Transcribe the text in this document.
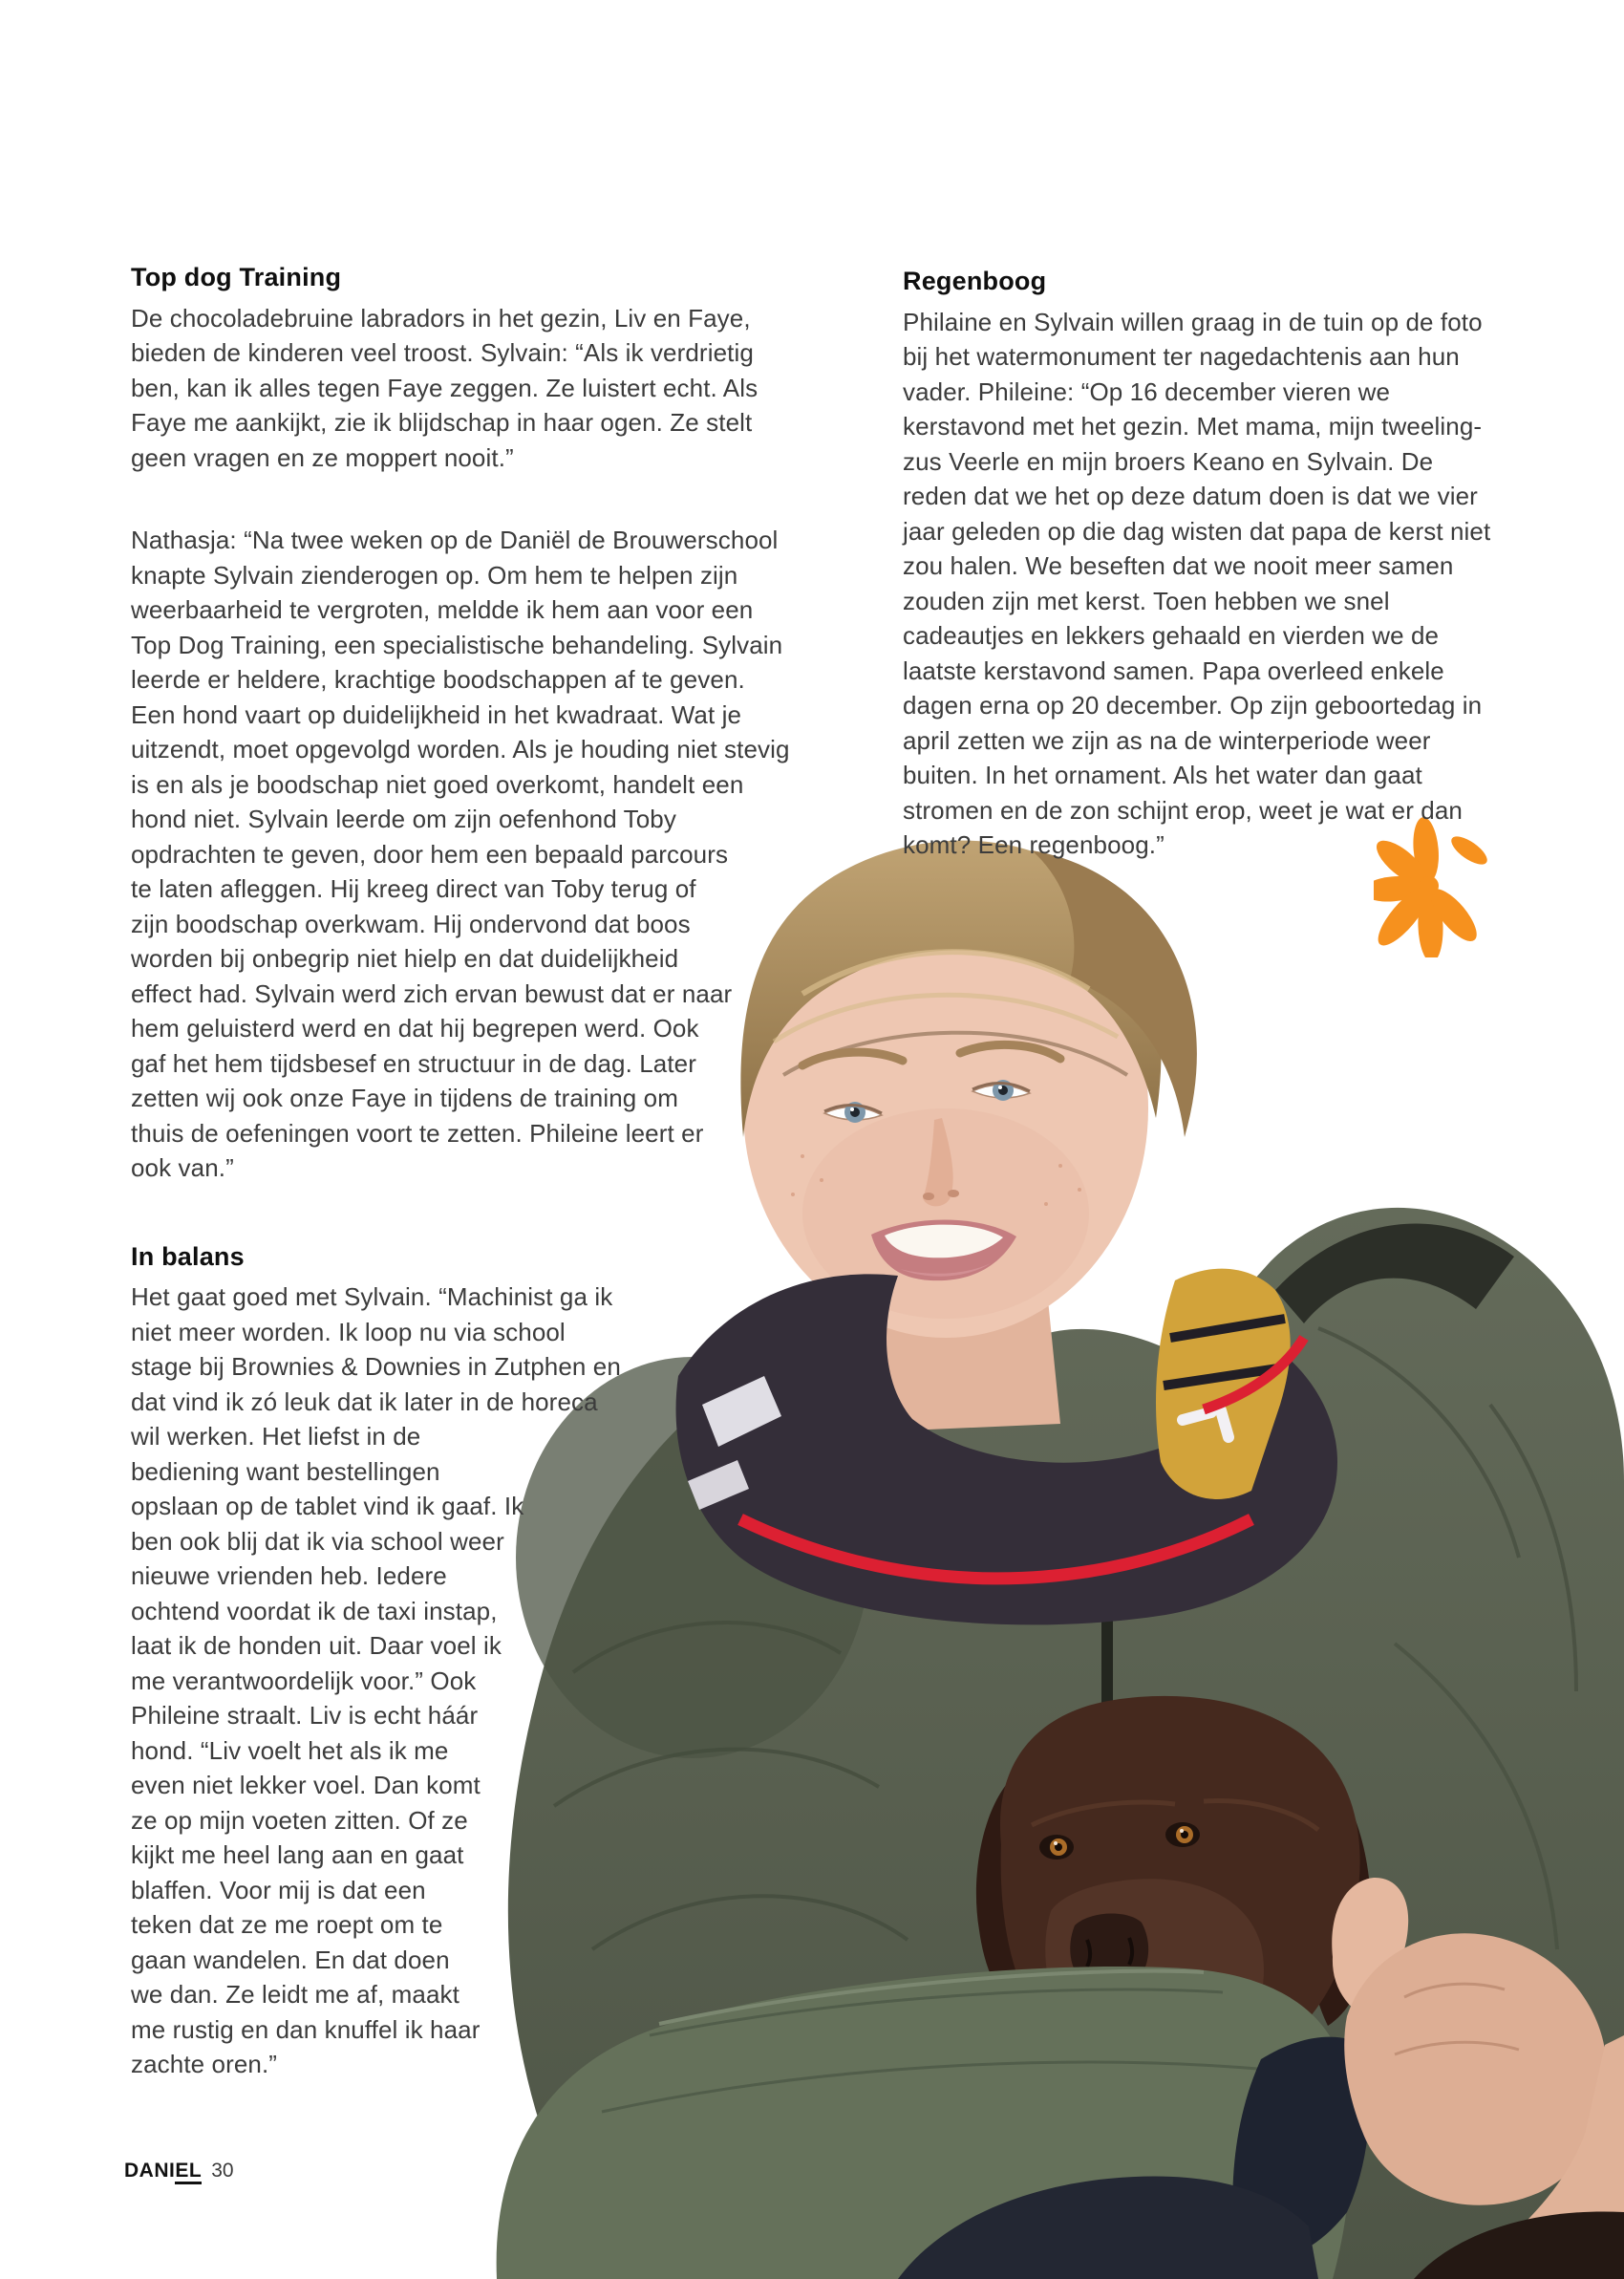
Top dog Training

De chocoladebruine labradors in het gezin, Liv en Faye, bieden de kinderen veel troost. Sylvain: “Als ik verdrietig ben, kan ik alles tegen Faye zeggen. Ze luistert echt. Als Faye me aankijkt, zie ik blijdschap in haar ogen. Ze stelt geen vragen en ze moppert nooit.”

Nathasja: “Na twee weken op de Daniël de Brouwerschool knapte Sylvain zienderogen op. Om hem te helpen zijn weerbaarheid te vergroten, meldde ik hem aan voor een Top Dog Training, een specialistische behandeling. Sylvain leerde er heldere, krachtige boodschappen af te geven. Een hond vaart op duidelijkheid in het kwadraat. Wat je uitzendt, moet opgevolgd worden. Als je houding niet stevig is en als je boodschap niet goed overkomt, handelt een hond niet. Sylvain leerde om zijn oefenhond Toby opdrachten te geven, door hem een bepaald parcours te laten afleggen. Hij kreeg direct van Toby terug of zijn boodschap overkwam. Hij ondervond dat boos worden bij onbegrip niet hielp en dat duidelijkheid effect had. Sylvain werd zich ervan bewust dat er naar hem geluisterd werd en dat hij begrepen werd. Ook gaf het hem tijdsbesef en structuur in de dag. Later zetten wij ook onze Faye in tijdens de training om thuis de oefeningen voort te zetten. Phileine leert er ook van.”

In balans

Het gaat goed met Sylvain. “Machinist ga ik niet meer worden. Ik loop nu via school stage bij Brownies & Downies in Zutphen en dat vind ik zó leuk dat ik later in de horeca wil werken. Het liefst in de bediening want bestellingen opslaan op de tablet vind ik gaaf. Ik ben ook blij dat ik via school weer nieuwe vrienden heb. Iedere ochtend voordat ik de taxi instap, laat ik de honden uit. Daar voel ik me verantwoordelijk voor.” Ook Phileine straalt. Liv is echt háár hond. “Liv voelt het als ik me even niet lekker voel. Dan komt ze op mijn voeten zitten. Of ze kijkt me heel lang aan en gaat blaffen. Voor mij is dat een teken dat ze me roept om te gaan wandelen. En dat doen we dan. Ze leidt me af, maakt me rustig en dan knuffel ik haar zachte oren.”

Regenboog

Philaine en Sylvain willen graag in de tuin op de foto bij het watermonument ter nagedachtenis aan hun vader. Phileine: “Op 16 december vieren we kerstavond met het gezin. Met mama, mijn tweeling-zus Veerle en mijn broers Keano en Sylvain. De reden dat we het op deze datum doen is dat we vier jaar geleden op die dag wisten dat papa de kerst niet zou halen. We beseften dat we nooit meer samen zouden zijn met kerst. Toen hebben we snel cadeautjes en lekkers gehaald en vierden we de laatste kerstavond samen. Papa overleed enkele dagen erna op 20 december. Op zijn geboortedag in april zetten we zijn as na de winterperiode weer buiten. In het ornament. Als het water dan gaat stromen en de zon schijnt erop, weet je wat er dan komt? Een regenboog.”

DANIEL 30
